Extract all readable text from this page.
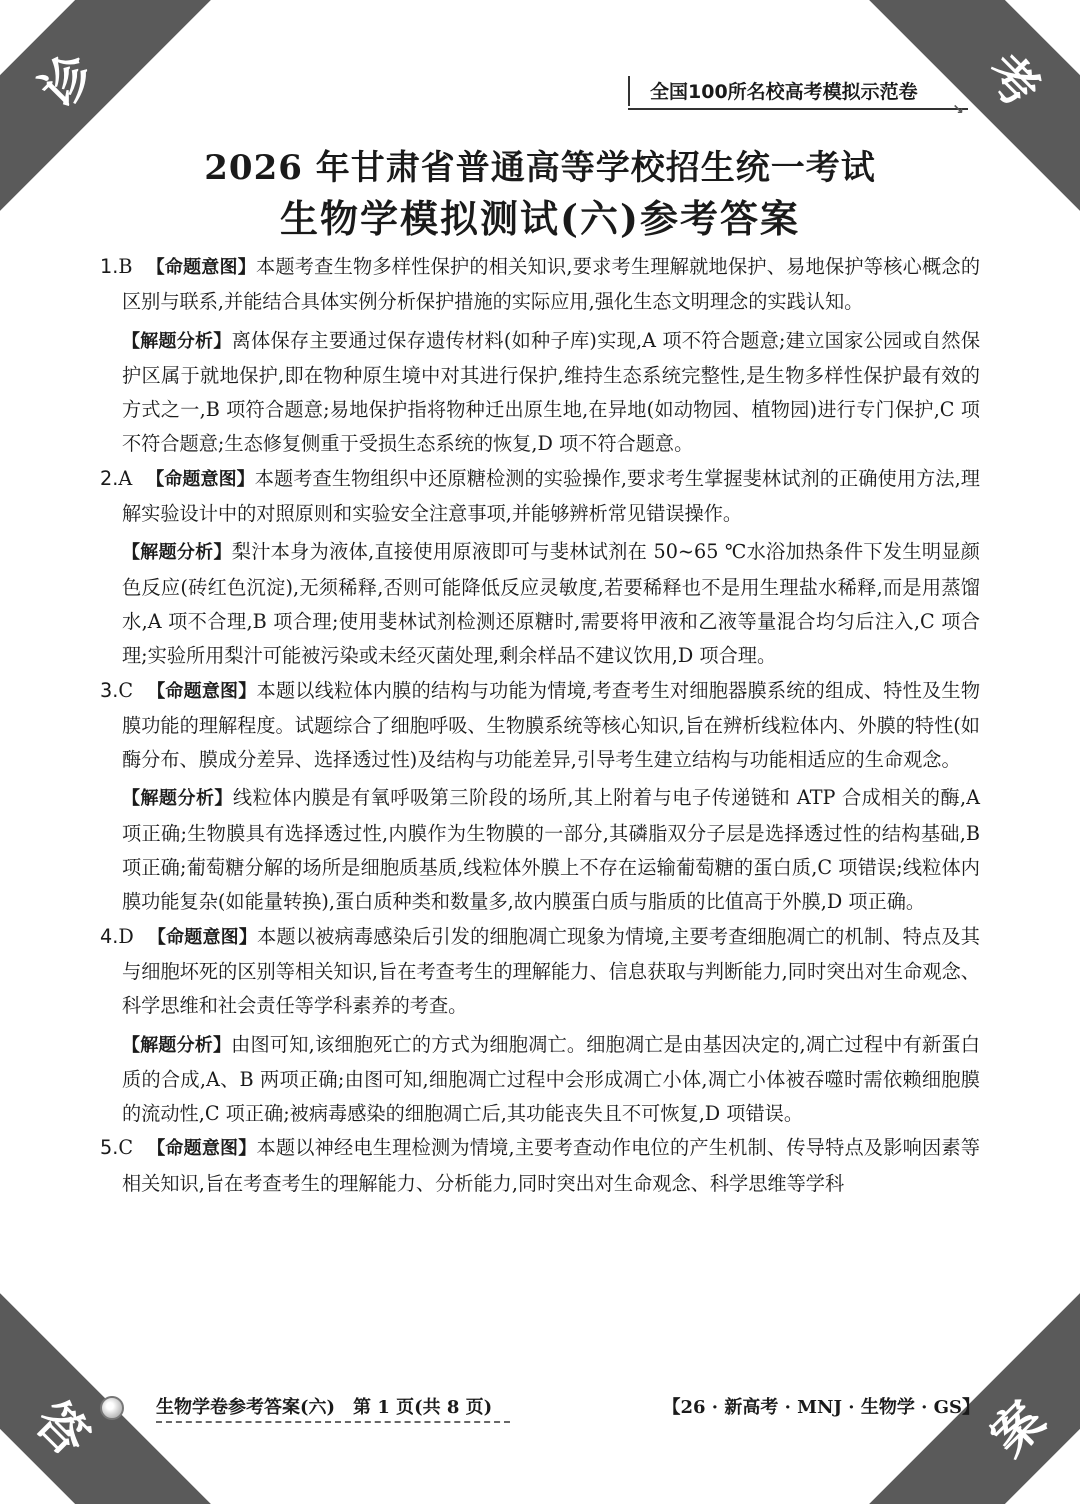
诊	考
答	案
全国100所名校高考模拟示范卷
↘
2026 年甘肃省普通高等学校招生统一考试
生物学模拟测试(六)参考答案

1.B 【命题意图】本题考查生物多样性保护的相关知识,要求考生理解就地保护、易地保护等核心概念的区别与联系,并能结合具体实例分析保护措施的实际应用,强化生态文明理念的实践认知。

【解题分析】离体保存主要通过保存遗传材料(如种子库)实现,A 项不符合题意;建立国家公园或自然保护区属于就地保护,即在物种原生境中对其进行保护,维持生态系统完整性,是生物多样性保护最有效的方式之一,B 项符合题意;易地保护指将物种迁出原生地,在异地(如动物园、植物园)进行专门保护,C 项不符合题意;生态修复侧重于受损生态系统的恢复,D 项不符合题意。

2.A 【命题意图】本题考查生物组织中还原糖检测的实验操作,要求考生掌握斐林试剂的正确使用方法,理解实验设计中的对照原则和实验安全注意事项,并能够辨析常见错误操作。

【解题分析】梨汁本身为液体,直接使用原液即可与斐林试剂在 50~65 ℃水浴加热条件下发生明显颜色反应(砖红色沉淀),无须稀释,否则可能降低反应灵敏度,若要稀释也不是用生理盐水稀释,而是用蒸馏水,A 项不合理,B 项合理;使用斐林试剂检测还原糖时,需要将甲液和乙液等量混合均匀后注入,C 项合理;实验所用梨汁可能被污染或未经灭菌处理,剩余样品不建议饮用,D 项合理。

3.C 【命题意图】本题以线粒体内膜的结构与功能为情境,考查考生对细胞器膜系统的组成、特性及生物膜功能的理解程度。试题综合了细胞呼吸、生物膜系统等核心知识,旨在辨析线粒体内、外膜的特性(如酶分布、膜成分差异、选择透过性)及结构与功能差异,引导考生建立结构与功能相适应的生命观念。

【解题分析】线粒体内膜是有氧呼吸第三阶段的场所,其上附着与电子传递链和 ATP 合成相关的酶,A 项正确;生物膜具有选择透过性,内膜作为生物膜的一部分,其磷脂双分子层是选择透过性的结构基础,B 项正确;葡萄糖分解的场所是细胞质基质,线粒体外膜上不存在运输葡萄糖的蛋白质,C 项错误;线粒体内膜功能复杂(如能量转换),蛋白质种类和数量多,故内膜蛋白质与脂质的比值高于外膜,D 项正确。

4.D 【命题意图】本题以被病毒感染后引发的细胞凋亡现象为情境,主要考查细胞凋亡的机制、特点及其与细胞坏死的区别等相关知识,旨在考查考生的理解能力、信息获取与判断能力,同时突出对生命观念、科学思维和社会责任等学科素养的考查。

【解题分析】由图可知,该细胞死亡的方式为细胞凋亡。细胞凋亡是由基因决定的,凋亡过程中有新蛋白质的合成,A、B 两项正确;由图可知,细胞凋亡过程中会形成凋亡小体,凋亡小体被吞噬时需依赖细胞膜的流动性,C 项正确;被病毒感染的细胞凋亡后,其功能丧失且不可恢复,D 项错误。

5.C 【命题意图】本题以神经电生理检测为情境,主要考查动作电位的产生机制、传导特点及影响因素等相关知识,旨在考查考生的理解能力、分析能力,同时突出对生命观念、科学思维等学科

生物学卷参考答案(六) 第 1 页(共 8 页)	【26 · 新高考 · MNJ · 生物学 · GS】
